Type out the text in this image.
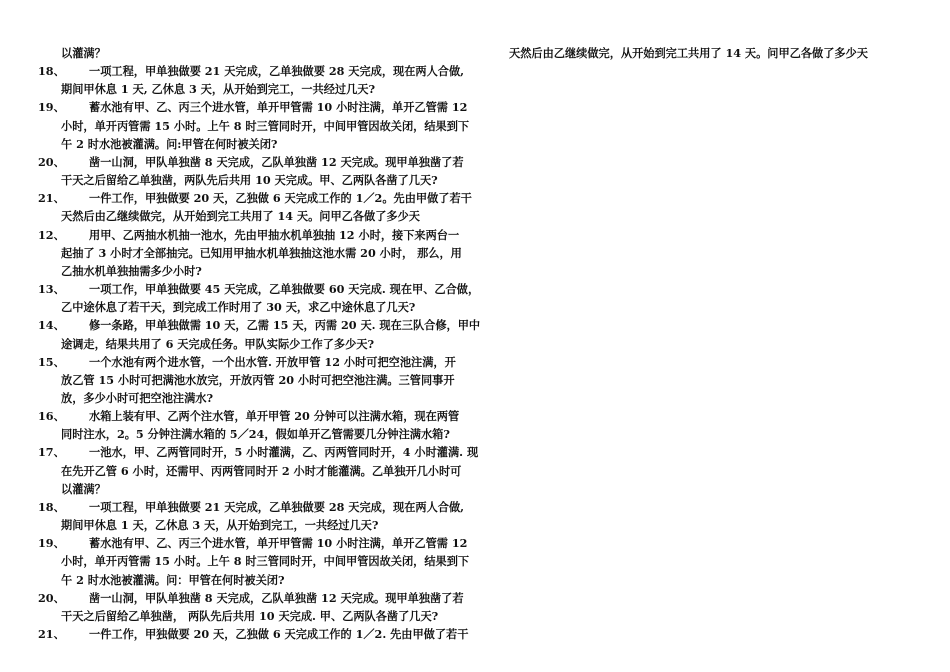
以灌满？
18、	一项工程，甲单独做要 21 天完成，乙单独做要 28 天完成，现在两人合做,
期间甲休息 1 天, 乙休息 3 天，从开始到完工，一共经过几天?
19、	蓄水池有甲、乙、丙三个进水管，单开甲管需 10 小时注满，单开乙管需 12
小时，单开丙管需 15 小时。上午 8 时三管同时开，中间甲管因故关闭，结果到下
午 2 时水池被灌满。问:甲管在何时被关闭?
20、	凿一山洞，甲队单独凿 8 天完成，乙队单独凿 12 天完成。现甲单独凿了若
干天之后留给乙单独凿，两队先后共用 10 天完成。甲、乙两队各凿了几天?
21、	一件工作，甲独做要 20 天，乙独做 6 天完成工作的 1／2。先由甲做了若干
天然后由乙继续做完，从开始到完工共用了 14 天。问甲乙各做了多少天
12、	用甲、乙两抽水机抽一池水，先由甲抽水机单独抽 12 小时，接下来两台一
起抽了 3 小时才全部抽完。已知用甲抽水机单独抽这池水需 20 小时， 那么，用
乙抽水机单独抽需多少小时?
13、	一项工作，甲单独做要 45 天完成，乙单独做要 60 天完成. 现在甲、乙合做，
乙中途休息了若干天，到完成工作时用了 30 天，求乙中途休息了几天?
14、	修一条路，甲单独做需 10 天，乙需 15 天，丙需 20 天. 现在三队合修，甲中
途调走，结果共用了 6 天完成任务。甲队实际少工作了多少天?
15、	一个水池有两个进水管，一个出水管. 开放甲管 12 小时可把空池注满，开
放乙管 15 小时可把满池水放完，开放丙管 20 小时可把空池注满。三管同事开
放，多少小时可把空池注满水?
16、	水箱上装有甲、乙两个注水管，单开甲管 20 分钟可以注满水箱，现在两管
同时注水，2。5 分钟注满水箱的 5／24，假如单开乙管需要几分钟注满水箱?
17、	一池水，甲、乙两管同时开，5 小时灌满，乙、丙两管同时开，4 小时灌满. 现
在先开乙管 6 小时，还需甲、丙两管同时开 2 小时才能灌满。乙单独开几小时可
以灌满？
18、	一项工程，甲单独做要 21 天完成，乙单独做要 28 天完成，现在两人合做,
期间甲休息 1 天，乙休息 3 天，从开始到完工，一共经过几天?
19、	蓄水池有甲、乙、丙三个进水管，单开甲管需 10 小时注满，单开乙管需 12
小时，单开丙管需 15 小时。上午 8 时三管同时开，中间甲管因故关闭，结果到下
午 2 时水池被灌满。问：甲管在何时被关闭?
20、	凿一山洞，甲队单独凿 8 天完成，乙队单独凿 12 天完成。现甲单独凿了若
干天之后留给乙单独凿， 两队先后共用 10 天完成. 甲、乙两队各凿了几天?
21、	一件工作，甲独做要 20 天，乙独做 6 天完成工作的 1／2. 先由甲做了若干
天然后由乙继续做完，从开始到完工共用了 14 天。问甲乙各做了多少天
